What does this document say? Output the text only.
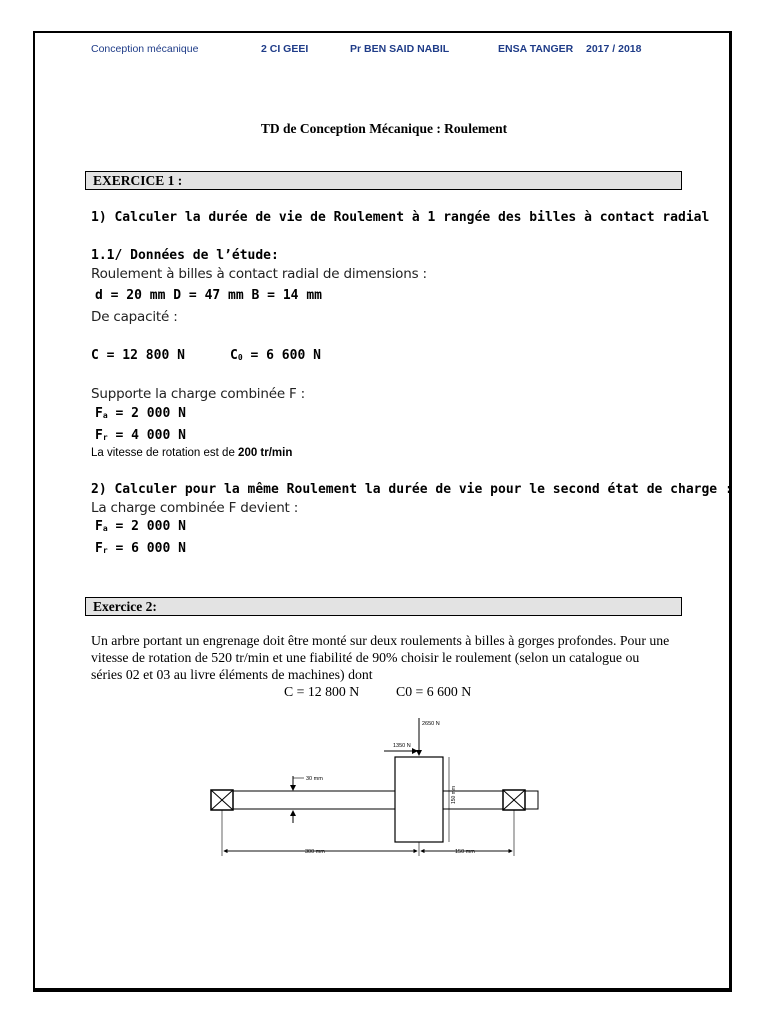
Conception mécanique	2 CI GEEI	Pr BEN SAID NABIL	ENSA TANGER 2017 / 2018
TD de Conception Mécanique : Roulement
EXERCICE 1 :
1) Calculer la durée de vie de Roulement à 1 rangée des billes à contact radial
1.1/ Données de l’étude:
Roulement à billes à contact radial de dimensions :
d = 20 mm D = 47 mm B = 14 mm
De capacité :
C = 12 800 N	$C_0 = 6$ 600 N
Supporte la charge combinée F :
$F_a = 2$ 000 N
$F_r = 4$ 000 N
La vitesse de rotation est de 200 tr/min
2) Calculer pour la même Roulement la durée de vie pour le second état de charge :
La charge combinée F devient :
$F_a = 2$ 000 N
$F_r = 6$ 000 N
Exercice 2:
Un arbre portant un engrenage doit être monté sur deux roulements à billes à gorges profondes. Pour une vitesse de rotation de 520 tr/min et une fiabilité de 90% choisir le roulement (selon un catalogue ou séries 02 et 03 au livre éléments de machines) dont
C = 12 800 N	C0 = 6 600 N
2650 N
1350 N
30 mm
150 mm
300 mm	150 mm
